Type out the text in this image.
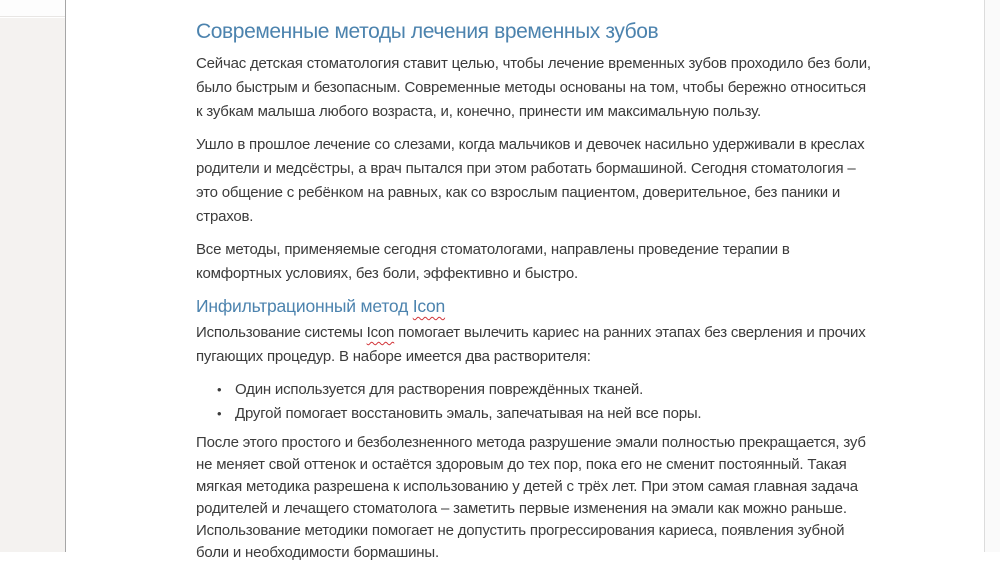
Современные методы лечения временных зубов
Сейчас детская стоматология ставит целью, чтобы лечение временных зубов проходило без боли,
было быстрым и безопасным. Современные методы основаны на том, чтобы бережно относиться
к зубкам малыша любого возраста, и, конечно, принести им максимальную пользу.
Ушло в прошлое лечение со слезами, когда мальчиков и девочек насильно удерживали в креслах
родители и медсёстры, а врач пытался при этом работать бормашиной. Сегодня стоматология –
это общение с ребёнком на равных, как со взрослым пациентом, доверительное, без паники и
страхов.
Все методы, применяемые сегодня стоматологами, направлены проведение терапии в
комфортных условиях, без боли, эффективно и быстро.
Инфильтрационный метод Icon
Использование системы Icon помогает вылечить кариес на ранних этапах без сверления и прочих
пугающих процедур. В наборе имеется два растворителя:
• Один используется для растворения повреждённых тканей.
• Другой помогает восстановить эмаль, запечатывая на ней все поры.
После этого простого и безболезненного метода разрушение эмали полностью прекращается, зуб
не меняет свой оттенок и остаётся здоровым до тех пор, пока его не сменит постоянный. Такая
мягкая методика разрешена к использованию у детей с трёх лет. При этом самая главная задача
родителей и лечащего стоматолога – заметить первые изменения на эмали как можно раньше.
Использование методики помогает не допустить прогрессирования кариеса, появления зубной
боли и необходимости бормашины.
